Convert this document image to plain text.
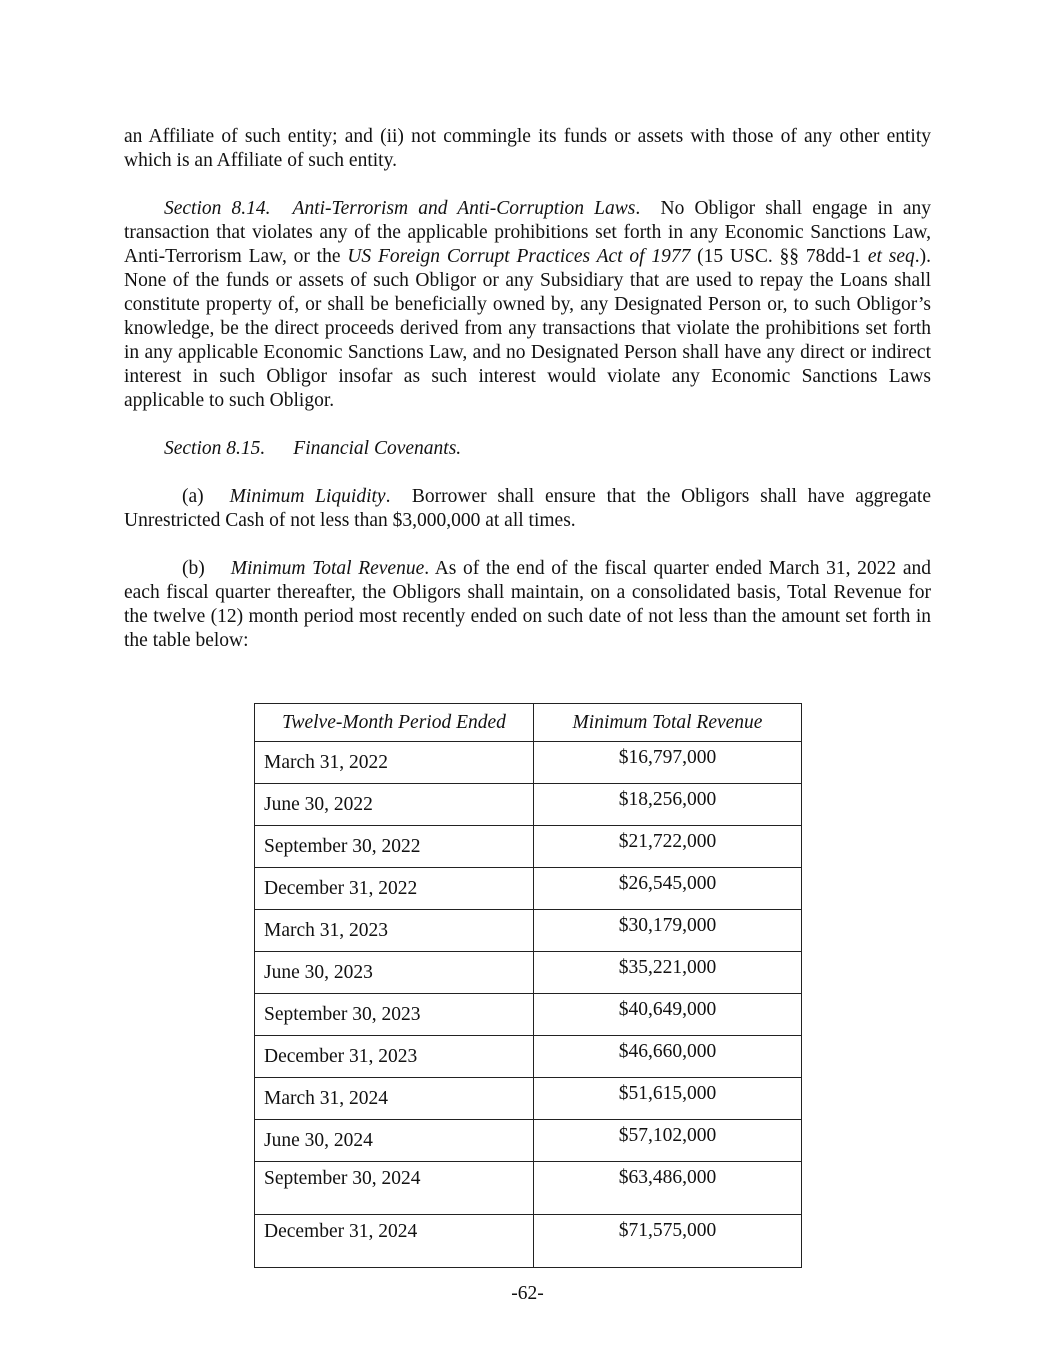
an Affiliate of such entity; and (ii) not commingle its funds or assets with those of any other entity which is an Affiliate of such entity.

Section 8.14. Anti-Terrorism and Anti-Corruption Laws.  No Obligor shall engage in any transaction that violates any of the applicable prohibitions set forth in any Economic Sanctions Law, Anti-Terrorism Law, or the US Foreign Corrupt Practices Act of 1977 (15 USC. §§ 78dd-1 et seq.). None of the funds or assets of such Obligor or any Subsidiary that are used to repay the Loans shall constitute property of, or shall be beneficially owned by, any Designated Person or, to such Obligor’s knowledge, be the direct proceeds derived from any transactions that violate the prohibitions set forth in any applicable Economic Sanctions Law, and no Designated Person shall have any direct or indirect interest in such Obligor insofar as such interest would violate any Economic Sanctions Laws applicable to such Obligor.

Section 8.15. Financial Covenants.

(a) Minimum Liquidity.  Borrower shall ensure that the Obligors shall have aggregate Unrestricted Cash of not less than $3,000,000 at all times.

(b) Minimum Total Revenue. As of the end of the fiscal quarter ended March 31, 2022 and each fiscal quarter thereafter, the Obligors shall maintain, on a consolidated basis, Total Revenue for the twelve (12) month period most recently ended on such date of not less than the amount set forth in the table below:

Twelve-Month Period Ended	Minimum Total Revenue
March 31, 2022	$16,797,000
June 30, 2022	$18,256,000
September 30, 2022	$21,722,000
December 31, 2022	$26,545,000
March 31, 2023	$30,179,000
June 30, 2023	$35,221,000
September 30, 2023	$40,649,000
December 31, 2023	$46,660,000
March 31, 2024	$51,615,000
June 30, 2024	$57,102,000
September 30, 2024	$63,486,000
December 31, 2024	$71,575,000
-62-
